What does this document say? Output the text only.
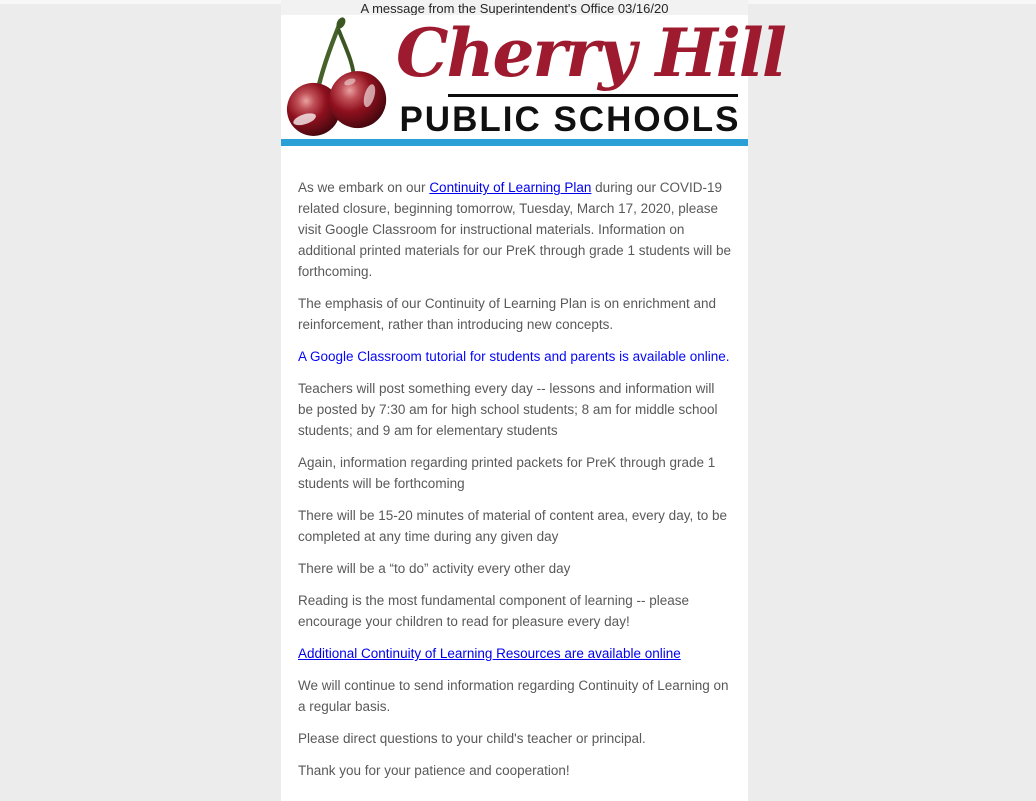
A message from the Superintendent's Office 03/16/20
Cherry Hill
PUBLIC SCHOOLS

As we embark on our Continuity of Learning Plan during our COVID-19 related closure, beginning tomorrow, Tuesday, March 17, 2020, please visit Google Classroom for instructional materials. Information on additional printed materials for our PreK through grade 1 students will be forthcoming.

The emphasis of our Continuity of Learning Plan is on enrichment and reinforcement, rather than introducing new concepts.

A Google Classroom tutorial for students and parents is available online.

Teachers will post something every day -- lessons and information will be posted by 7:30 am for high school students; 8 am for middle school students; and 9 am for elementary students

Again, information regarding printed packets for PreK through grade 1 students will be forthcoming

There will be 15-20 minutes of material of content area, every day, to be completed at any time during any given day

There will be a “to do” activity every other day

Reading is the most fundamental component of learning -- please encourage your children to read for pleasure every day!

Additional Continuity of Learning Resources are available online

We will continue to send information regarding Continuity of Learning on a regular basis.

Please direct questions to your child's teacher or principal.

Thank you for your patience and cooperation!
